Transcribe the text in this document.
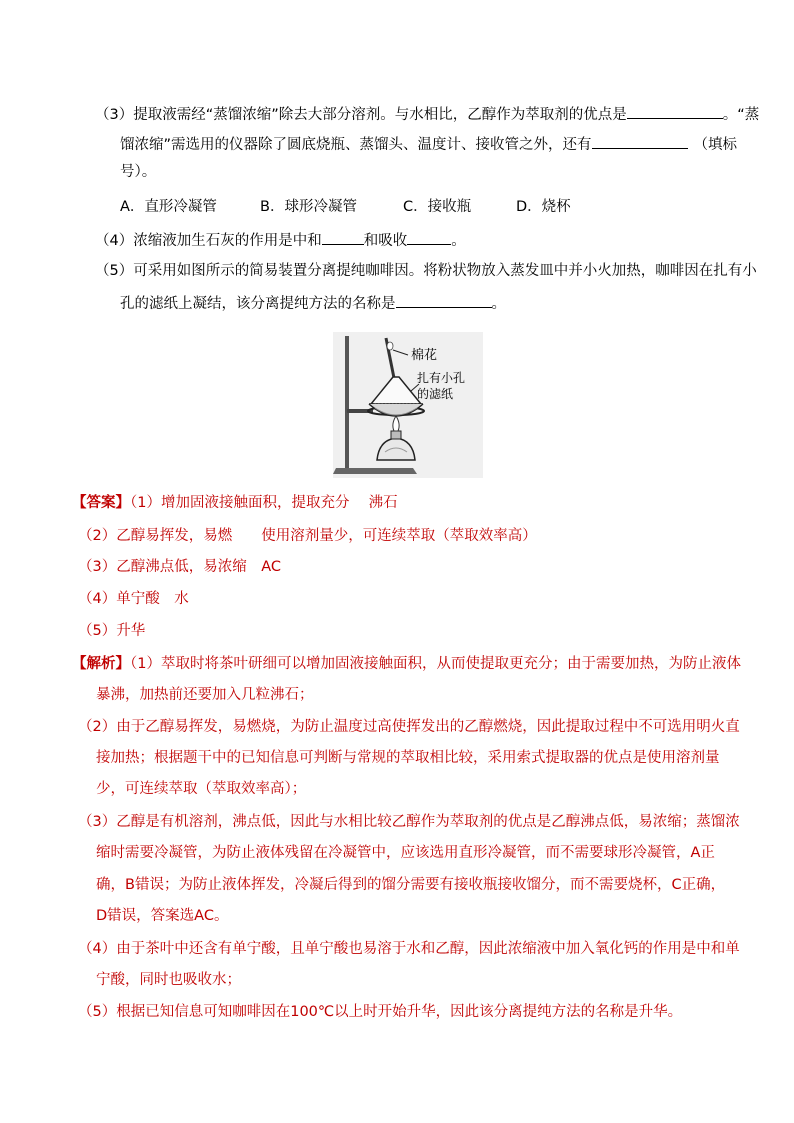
（3）提取液需经“蒸馏浓缩”除去大部分溶剂。与水相比，乙醇作为萃取剂的优点是	。“蒸
馏浓缩”需选用的仪器除了圆底烧瓶、蒸馏头、温度计、接收管之外，还有	（填标
号）。
A．直形冷凝管	B．球形冷凝管	C．接收瓶	D．烧杯
（4）浓缩液加生石灰的作用是中和	和吸收	。
（5）可采用如图所示的简易装置分离提纯咖啡因。将粉状物放入蒸发皿中并小火加热，咖啡因在扎有小
孔的滤纸上凝结，该分离提纯方法的名称是	。
棉花
扎有小孔
的滤纸
【答案】（1）增加固液接触面积，提取充分　 沸石
（2）乙醇易挥发，易燃　　使用溶剂量少，可连续萃取（萃取效率高）
（3）乙醇沸点低，易浓缩　AC
（4）单宁酸　水
（5）升华
【解析】（1）萃取时将茶叶研细可以增加固液接触面积，从而使提取更充分；由于需要加热，为防止液体
暴沸，加热前还要加入几粒沸石；
（2）由于乙醇易挥发，易燃烧，为防止温度过高使挥发出的乙醇燃烧，因此提取过程中不可选用明火直
接加热；根据题干中的已知信息可判断与常规的萃取相比较，采用索式提取器的优点是使用溶剂量
少，可连续萃取（萃取效率高）；
（3）乙醇是有机溶剂，沸点低，因此与水相比较乙醇作为萃取剂的优点是乙醇沸点低，易浓缩；蒸馏浓
缩时需要冷凝管，为防止液体残留在冷凝管中，应该选用直形冷凝管，而不需要球形冷凝管，A正
确，B错误；为防止液体挥发，冷凝后得到的馏分需要有接收瓶接收馏分，而不需要烧杯，C正确，
D错误，答案选AC。
（4）由于茶叶中还含有单宁酸，且单宁酸也易溶于水和乙醇，因此浓缩液中加入氧化钙的作用是中和单
宁酸，同时也吸收水；
（5）根据已知信息可知咖啡因在100℃以上时开始升华，因此该分离提纯方法的名称是升华。
